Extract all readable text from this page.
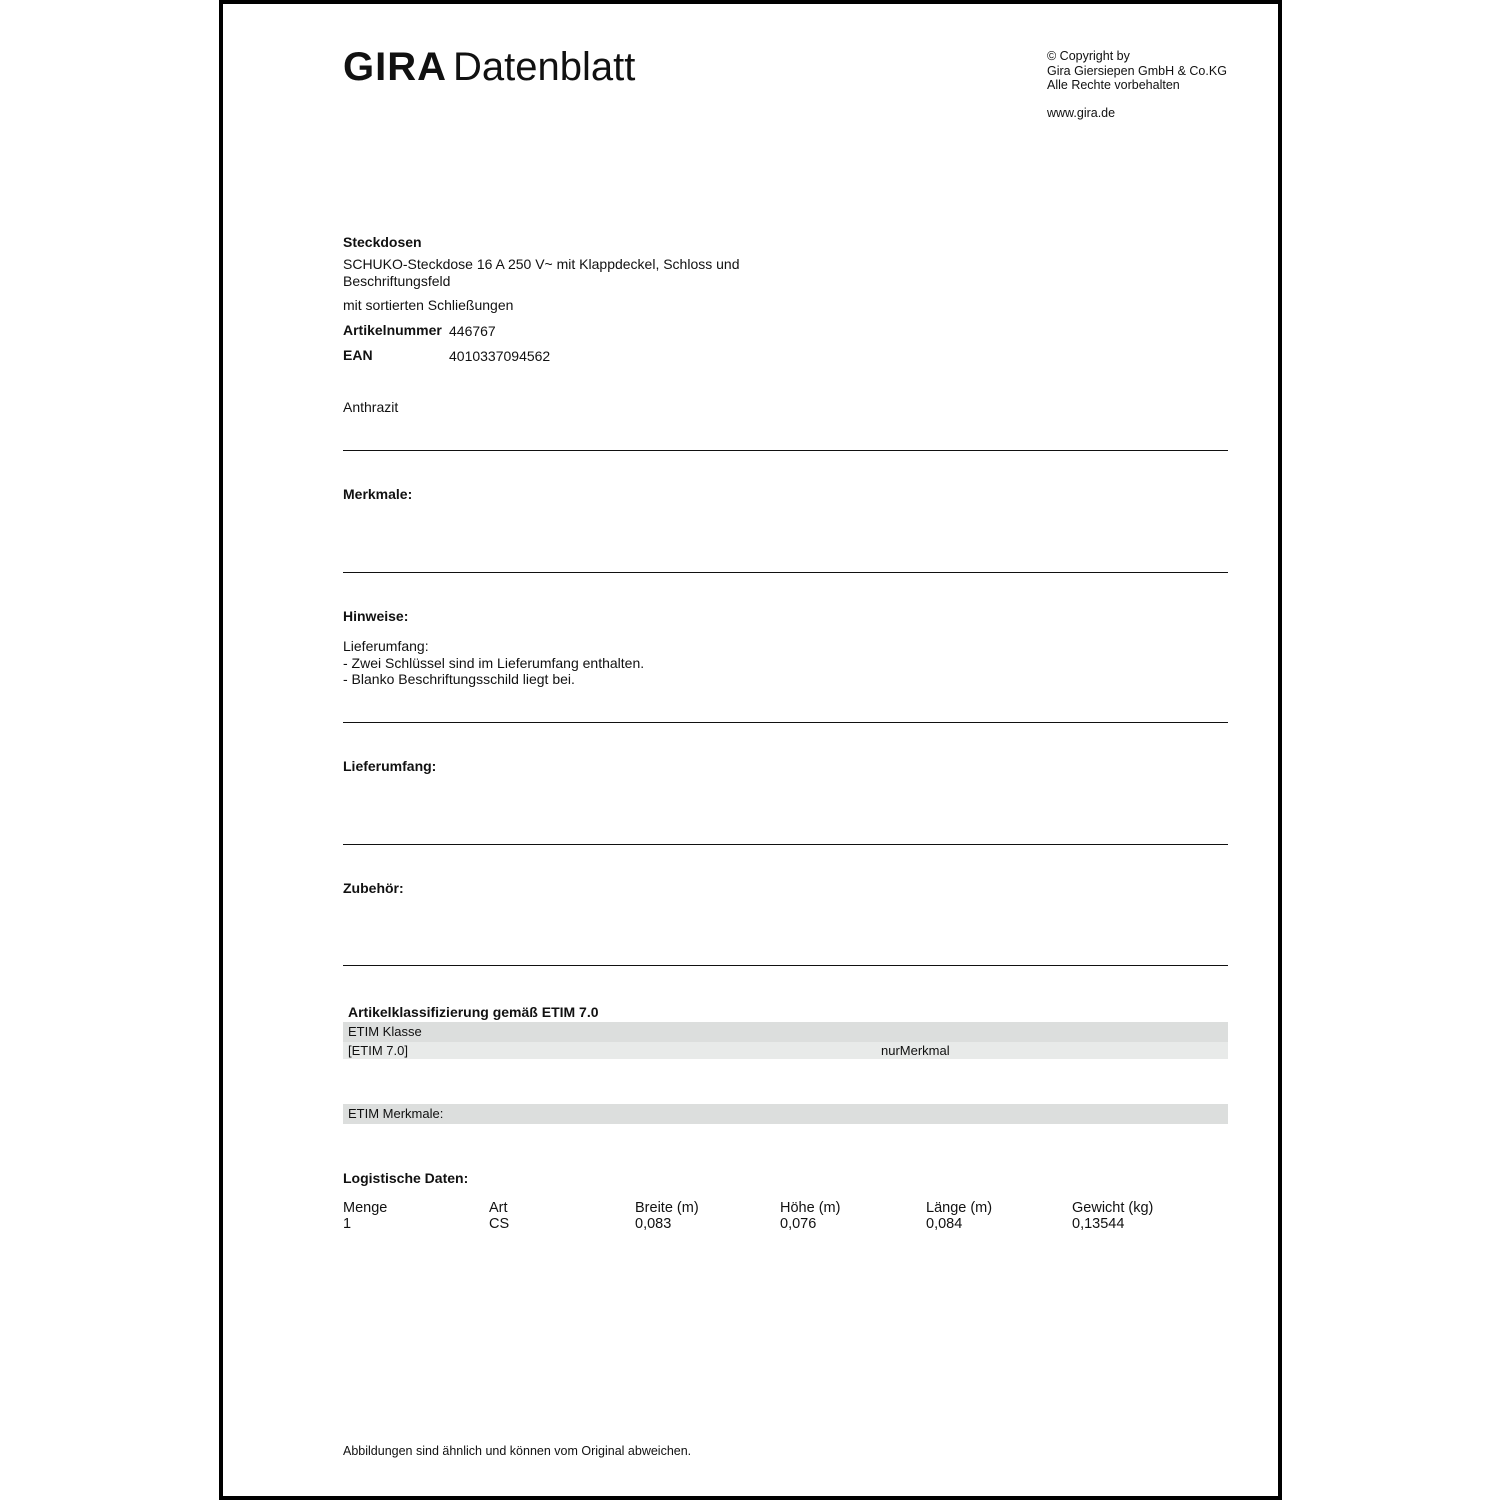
GIRA Datenblatt	© Copyright by
Gira Giersiepen GmbH & Co.KG
Alle Rechte vorbehalten
www.gira.de
Steckdosen
SCHUKO-Steckdose 16 A 250 V~ mit Klappdeckel, Schloss und Beschriftungsfeld
mit sortierten Schließungen
Artikelnummer 446767
EAN	4010337094562
Anthrazit
Merkmale:
Hinweise:
Lieferumfang:
- Zwei Schlüssel sind im Lieferumfang enthalten.
- Blanko Beschriftungsschild liegt bei.
Lieferumfang:
Zubehör:
Artikelklassifizierung gemäß ETIM 7.0
ETIM Klasse
[ETIM 7.0]	nurMerkmal
ETIM Merkmale:
Logistische Daten:
Menge	Art	Breite (m)	Höhe (m)	Länge (m)	Gewicht (kg)
1	CS	0,083	0,076	0,084	0,13544
Abbildungen sind ähnlich und können vom Original abweichen.
